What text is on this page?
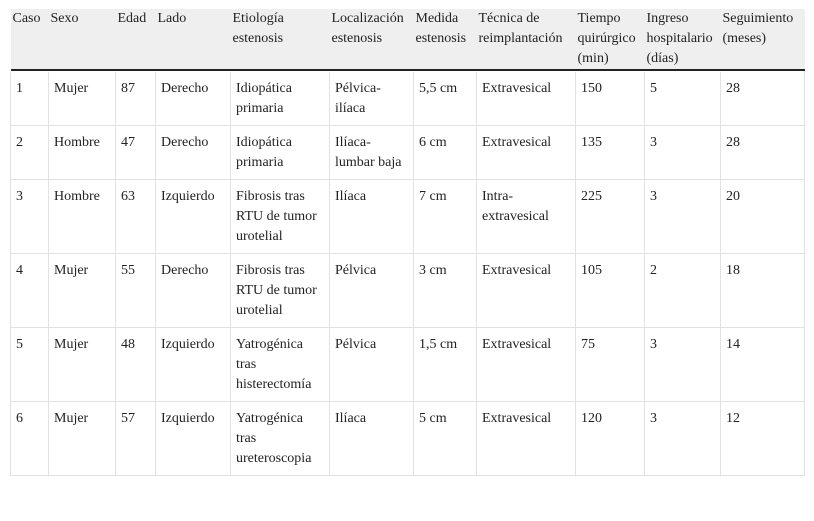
Caso	Sexo	Edad	Lado	Etiología estenosis	Localización estenosis	Medida estenosis	Técnica de reimplantación	Tiempo quirúrgico (min)	Ingreso hospitalario (días)	Seguimiento (meses)

1	Mujer	87	Derecho	Idiopática primaria	Pélvica-ilíaca	5,5 cm	Extravesical	150	5	28
2	Hombre	47	Derecho	Idiopática primaria	Ilíaca-lumbar baja	6 cm	Extravesical	135	3	28
3	Hombre	63	Izquierdo	Fibrosis tras RTU de tumor urotelial	Ilíaca	7 cm	Intra-extravesical	225	3	20
4	Mujer	55	Derecho	Fibrosis tras RTU de tumor urotelial	Pélvica	3 cm	Extravesical	105	2	18
5	Mujer	48	Izquierdo	Yatrogénica tras histerectomía	Pélvica	1,5 cm	Extravesical	75	3	14
6	Mujer	57	Izquierdo	Yatrogénica tras ureteroscopia	Ilíaca	5 cm	Extravesical	120	3	12
